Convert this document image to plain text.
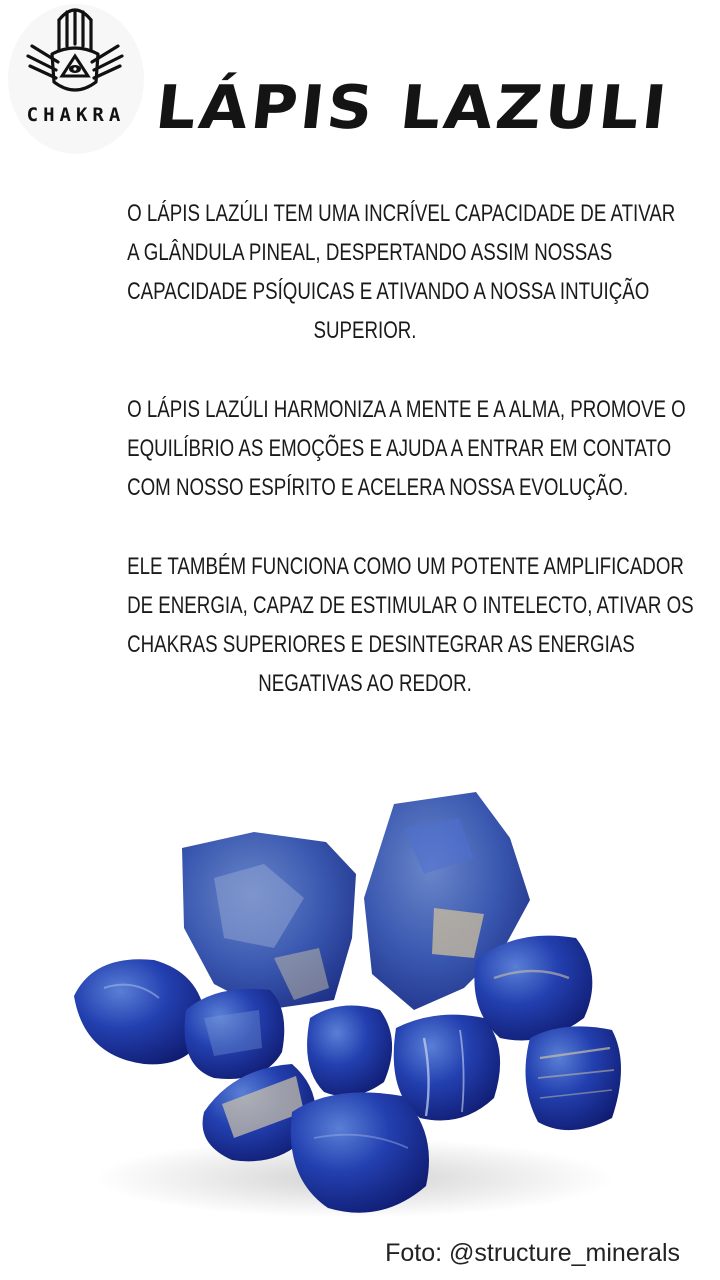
CHAKRA LÁPIS LAZULI

O LÁPIS LAZÚLI TEM UMA INCRÍVEL CAPACIDADE DE ATIVAR
A GLÂNDULA PINEAL, DESPERTANDO ASSIM NOSSAS
CAPACIDADE PSÍQUICAS E ATIVANDO A NOSSA INTUIÇÃO
SUPERIOR.

O LÁPIS LAZÚLI HARMONIZA A MENTE E A ALMA, PROMOVE O
EQUILÍBRIO AS EMOÇÕES E AJUDA A ENTRAR EM CONTATO
COM NOSSO ESPÍRITO E ACELERA NOSSA EVOLUÇÃO.

ELE TAMBÉM FUNCIONA COMO UM POTENTE AMPLIFICADOR
DE ENERGIA, CAPAZ DE ESTIMULAR O INTELECTO, ATIVAR OS
CHAKRAS SUPERIORES E DESINTEGRAR AS ENERGIAS
NEGATIVAS AO REDOR.

Foto: @structure_minerals
